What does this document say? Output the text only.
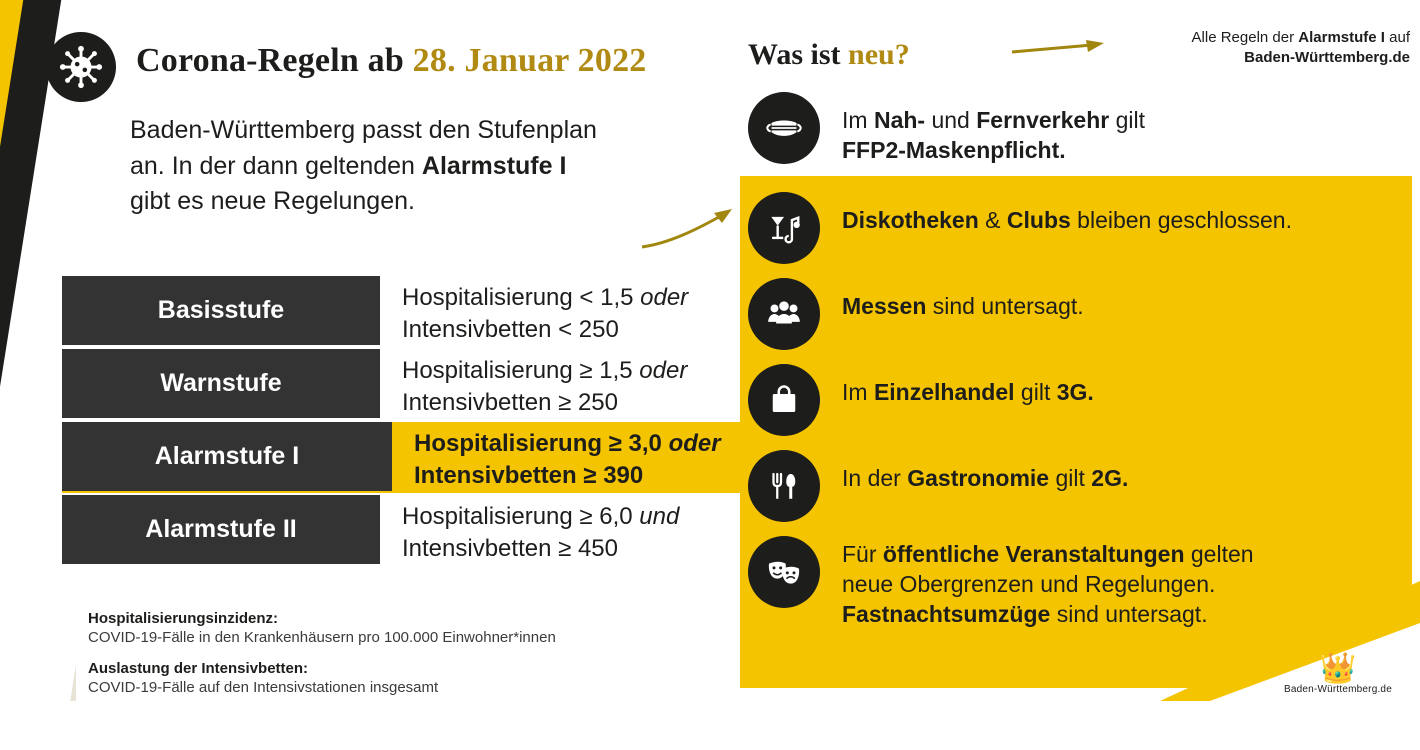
Corona-Regeln ab 28. Januar 2022
Baden-Württemberg passt den Stufenplan
an. In der dann geltenden Alarmstufe I
gibt es neue Regelungen.
Basisstufe	Hospitalisierung < 1,5 oder
Intensivbetten < 250
Warnstufe	Hospitalisierung ≥ 1,5 oder
Intensivbetten ≥ 250
Alarmstufe I	Hospitalisierung ≥ 3,0 oder
Intensivbetten ≥ 390
Alarmstufe II	Hospitalisierung ≥ 6,0 und
Intensivbetten ≥ 450
Hospitalisierungsinzidenz:
COVID-19-Fälle in den Krankenhäusern pro 100.000 Einwohner*innen
Auslastung der Intensivbetten:
COVID-19-Fälle auf den Intensivstationen insgesamt
Was ist neu?
Alle Regeln der Alarmstufe I auf
Baden-Württemberg.de
Im Nah- und Fernverkehr gilt
FFP2-Maskenpflicht.
Diskotheken & Clubs bleiben geschlossen.
Messen sind untersagt.
Im Einzelhandel gilt 3G.
In der Gastronomie gilt 2G.
Für öffentliche Veranstaltungen gelten
neue Obergrenzen und Regelungen.
Fastnachtsumzüge sind untersagt.
👑
Baden-Württemberg.de
